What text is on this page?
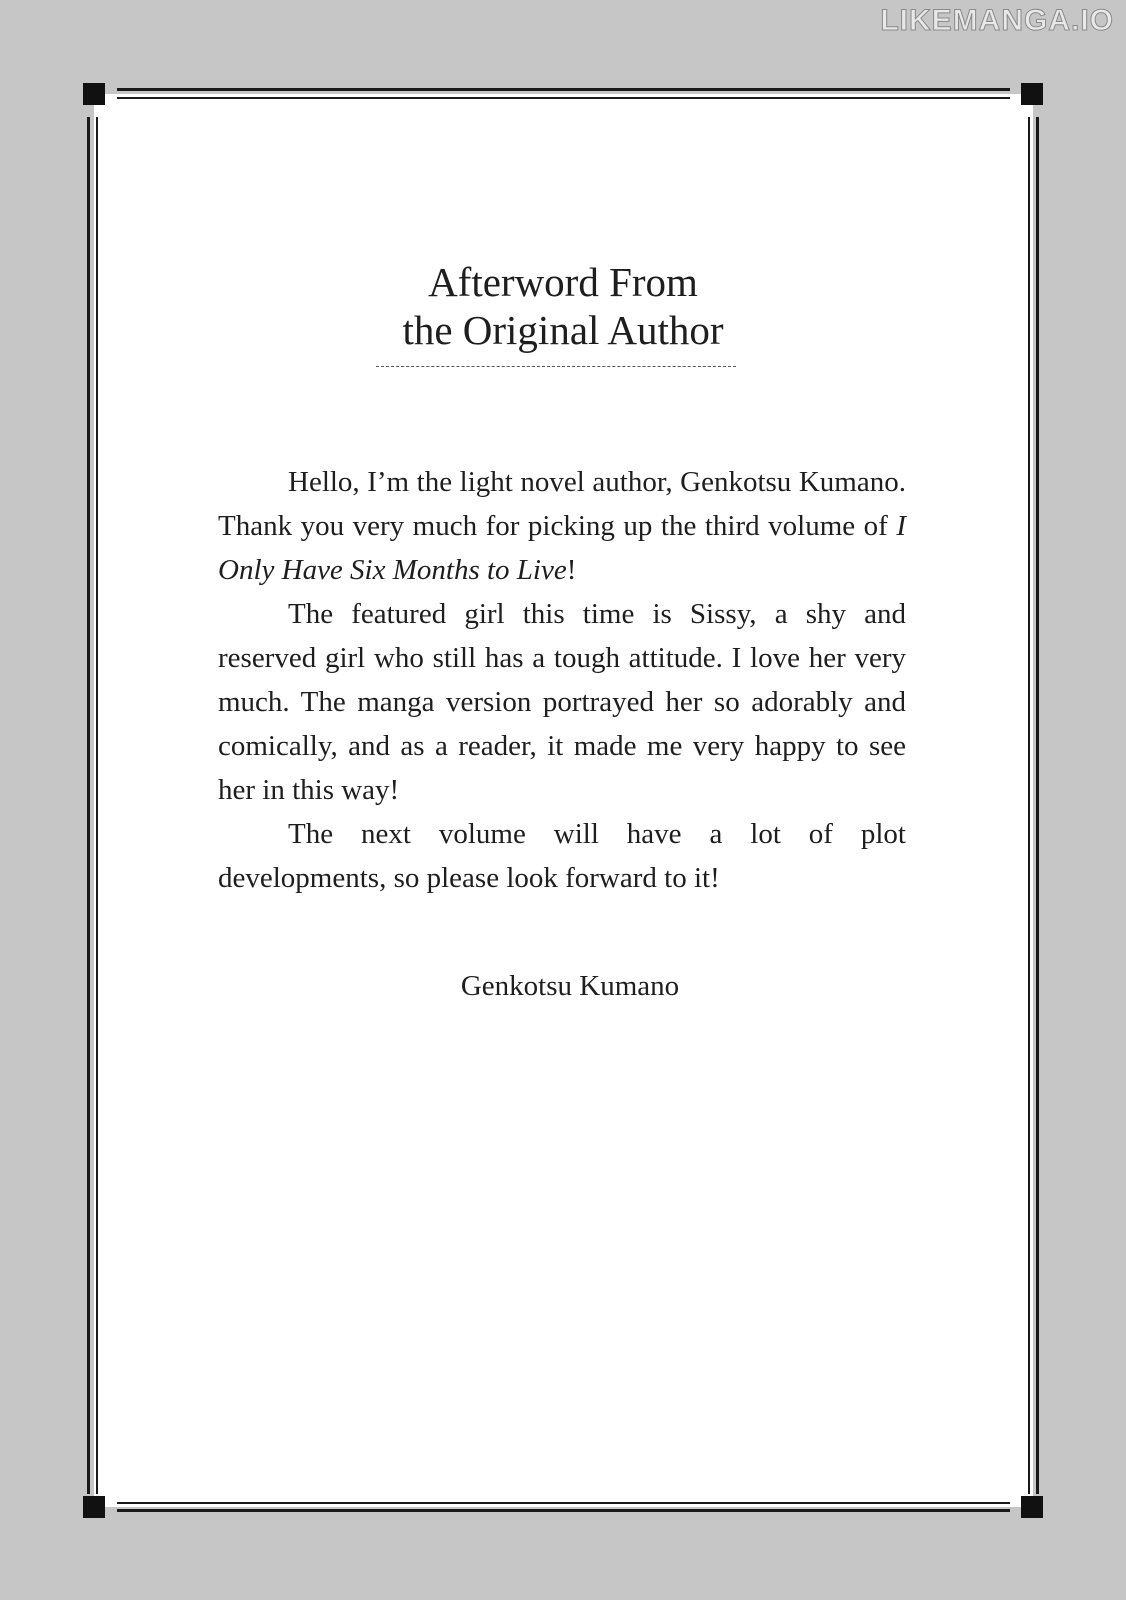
LIKEMANGA.IO
Afterword From
the Original Author

Hello, I’m the light novel author, Genkotsu Kumano. Thank you very much for picking up the third volume of I Only Have Six Months to Live!

The featured girl this time is Sissy, a shy and reserved girl who still has a tough attitude. I love her very much. The manga version portrayed her so adorably and comically, and as a reader, it made me very happy to see her in this way!

The next volume will have a lot of plot developments, so please look forward to it!

Genkotsu Kumano
